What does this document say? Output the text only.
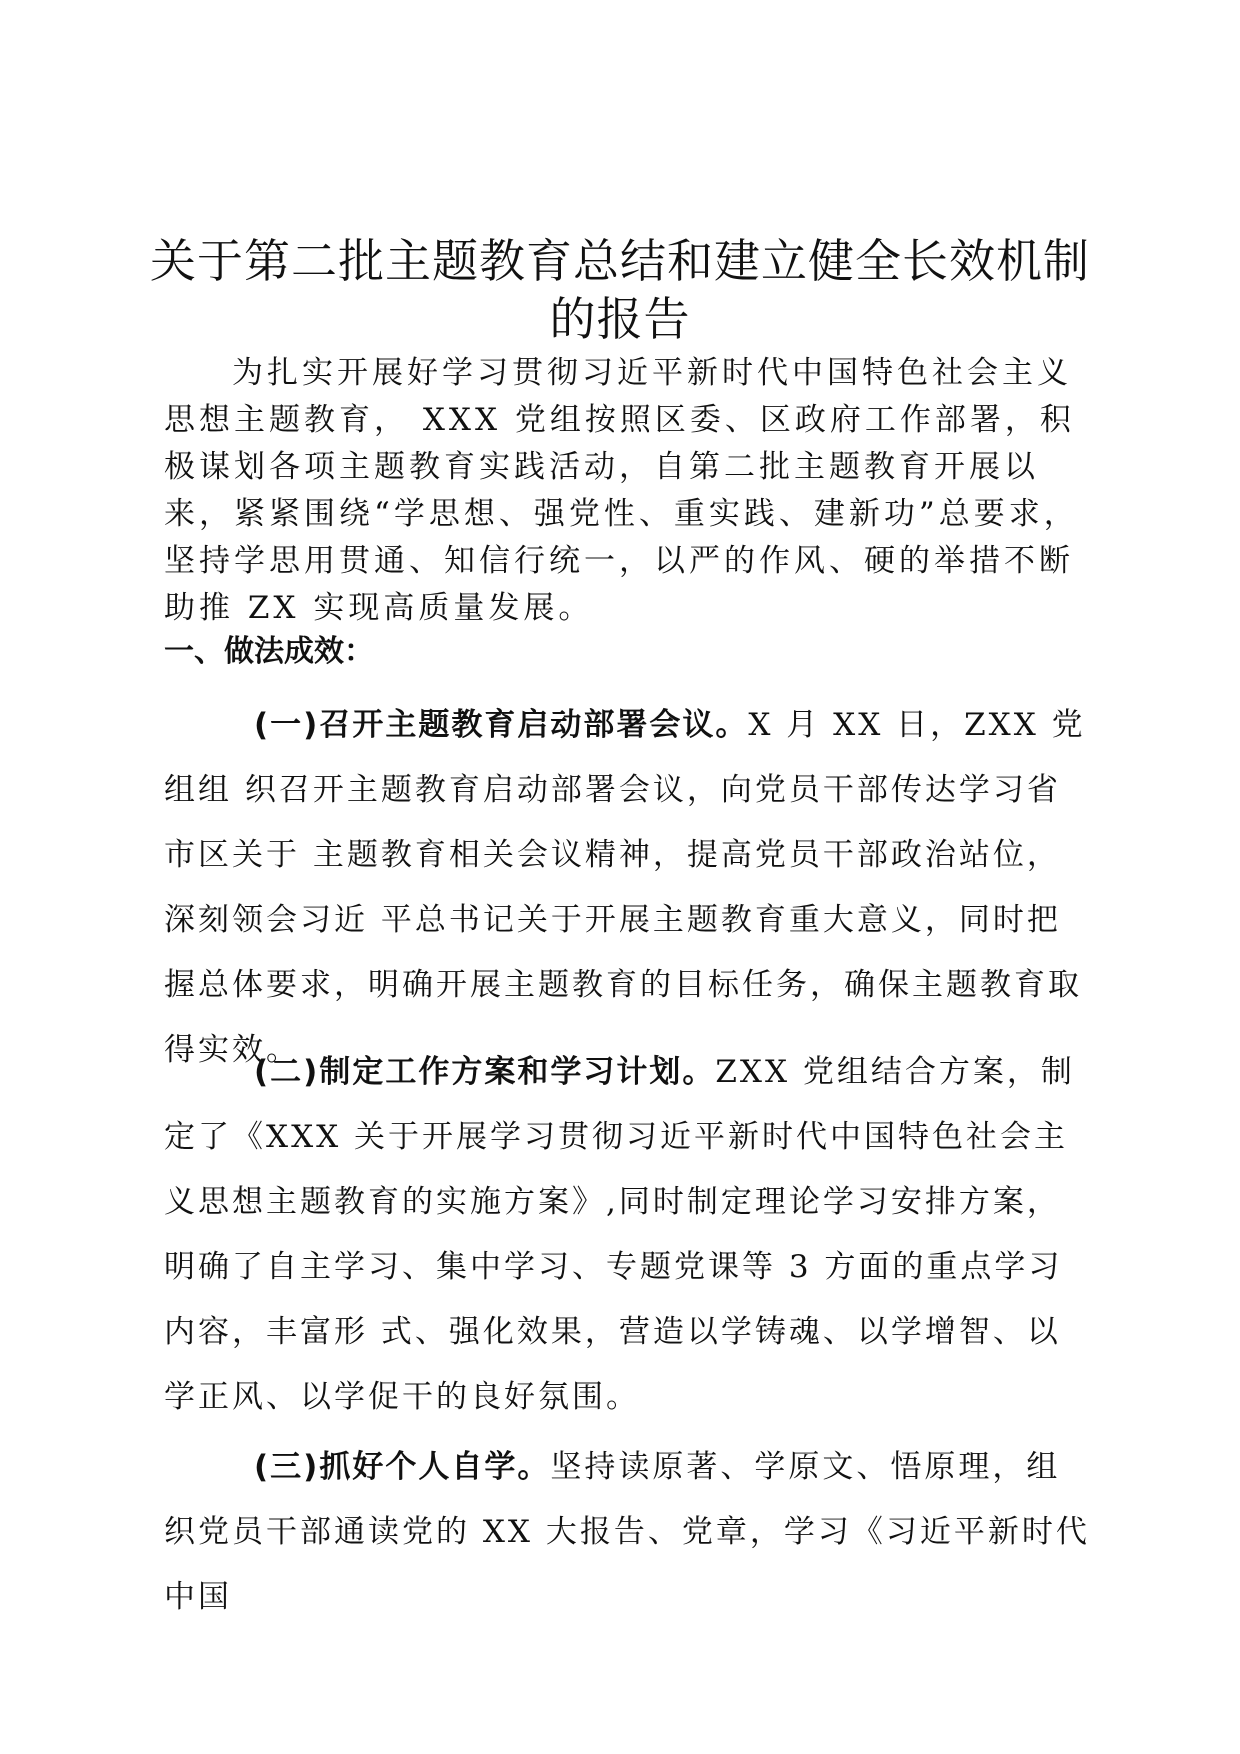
关于第二批主题教育总结和建立健全长效机制
的报告

为扎实开展好学习贯彻习近平新时代中国特色社会主义思想主题教育， XXX 党组按照区委、区政府工作部署，积极谋划各项主题教育实践活动，自第二批主题教育开展以来，紧紧围绕“学思想、强党性、重实践、建新功”总要求，坚持学思用贯通、知信行统一，以严的作风、硬的举措不断助推 ZX 实现高质量发展。

一、做法成效：

(一)召开主题教育启动部署会议。X 月 XX 日，ZXX 党组组 织召开主题教育启动部署会议，向党员干部传达学习省市区关于 主题教育相关会议精神，提高党员干部政治站位，深刻领会习近 平总书记关于开展主题教育重大意义，同时把握总体要求，明确开展主题教育的目标任务，确保主题教育取得实效。

(二)制定工作方案和学习计划。ZXX 党组结合方案，制定了《XXX 关于开展学习贯彻习近平新时代中国特色社会主义思想主题教育的实施方案》,同时制定理论学习安排方案，明确了自主学习、集中学习、专题党课等 3 方面的重点学习内容，丰富形 式、强化效果，营造以学铸魂、以学增智、以学正风、以学促干的良好氛围。

(三)抓好个人自学。坚持读原著、学原文、悟原理，组织党员干部通读党的 XX 大报告、党章，学习《习近平新时代中国
